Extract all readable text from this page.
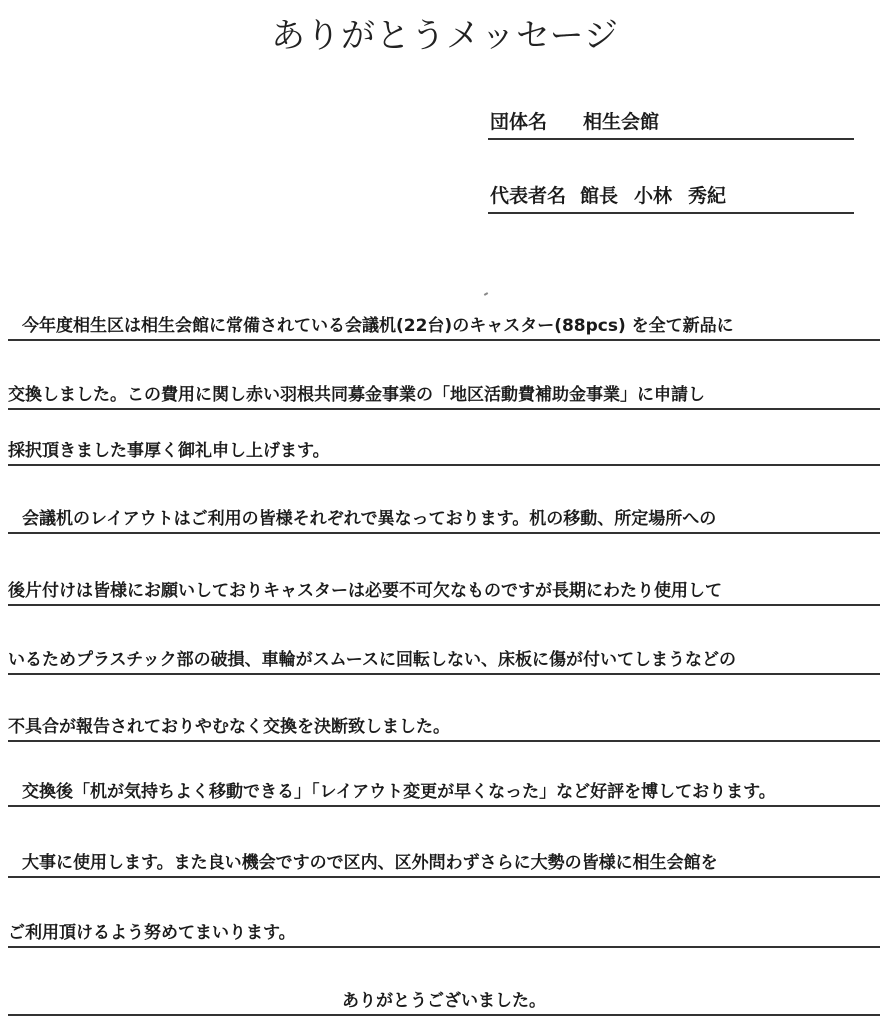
ありがとうメッセージ
団体名 相生会館
代表者名 館長 小林 秀紀
今年度相生区は相生会館に常備されている会議机(22台)のキャスター(88pcs) を全て新品に
交換しました。この費用に関し赤い羽根共同募金事業の「地区活動費補助金事業」に申請し
採択頂きました事厚く御礼申し上げます。
会議机のレイアウトはご利用の皆様それぞれで異なっております。机の移動、所定場所への
後片付けは皆様にお願いしておりキャスターは必要不可欠なものですが長期にわたり使用して
いるためプラスチック部の破損、車輪がスムースに回転しない、床板に傷が付いてしまうなどの
不具合が報告されておりやむなく交換を決断致しました。
交換後「机が気持ちよく移動できる」「レイアウト変更が早くなった」など好評を博しております。
大事に使用します。また良い機会ですので区内、区外問わずさらに大勢の皆様に相生会館を
ご利用頂けるよう努めてまいります。
ありがとうございました。
